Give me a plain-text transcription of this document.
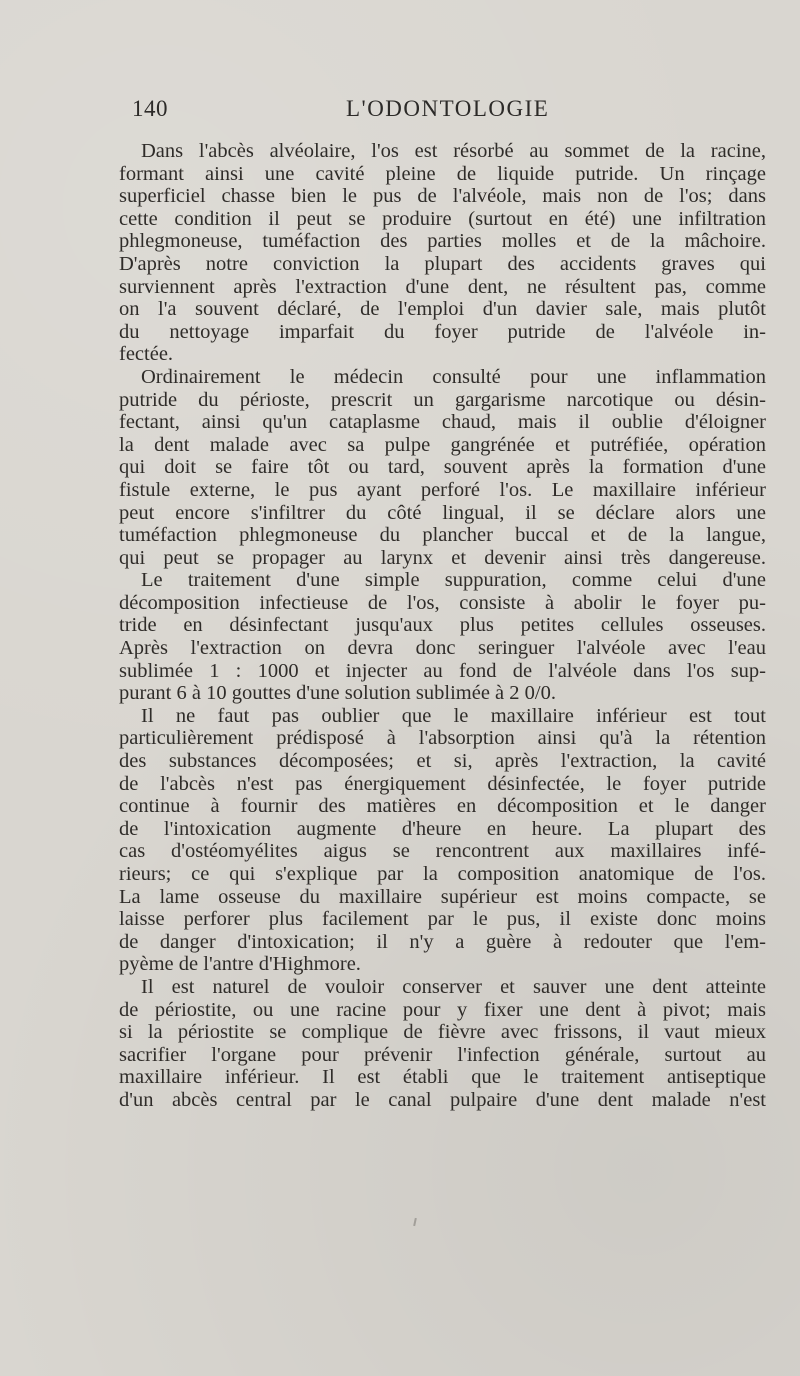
140	L'ODONTOLOGIE
Dans l'abcès alvéolaire, l'os est résorbé au sommet de la racine,
formant ainsi une cavité pleine de liquide putride. Un rinçage
superficiel chasse bien le pus de l'alvéole, mais non de l'os; dans
cette condition il peut se produire (surtout en été) une infiltration
phlegmoneuse, tuméfaction des parties molles et de la mâchoire.
D'après notre conviction la plupart des accidents graves qui
surviennent après l'extraction d'une dent, ne résultent pas, comme
on l'a souvent déclaré, de l'emploi d'un davier sale, mais plutôt
du nettoyage imparfait du foyer putride de l'alvéole in-
fectée.
Ordinairement le médecin consulté pour une inflammation
putride du périoste, prescrit un gargarisme narcotique ou désin-
fectant, ainsi qu'un cataplasme chaud, mais il oublie d'éloigner
la dent malade avec sa pulpe gangrénée et putréfiée, opération
qui doit se faire tôt ou tard, souvent après la formation d'une
fistule externe, le pus ayant perforé l'os. Le maxillaire inférieur
peut encore s'infiltrer du côté lingual, il se déclare alors une
tuméfaction phlegmoneuse du plancher buccal et de la langue,
qui peut se propager au larynx et devenir ainsi très dangereuse.
Le traitement d'une simple suppuration, comme celui d'une
décomposition infectieuse de l'os, consiste à abolir le foyer pu-
tride en désinfectant jusqu'aux plus petites cellules osseuses.
Après l'extraction on devra donc seringuer l'alvéole avec l'eau
sublimée 1 : 1000 et injecter au fond de l'alvéole dans l'os sup-
purant 6 à 10 gouttes d'une solution sublimée à 2 0/0.
Il ne faut pas oublier que le maxillaire inférieur est tout
particulièrement prédisposé à l'absorption ainsi qu'à la rétention
des substances décomposées; et si, après l'extraction, la cavité
de l'abcès n'est pas énergiquement désinfectée, le foyer putride
continue à fournir des matières en décomposition et le danger
de l'intoxication augmente d'heure en heure. La plupart des
cas d'ostéomyélites aigus se rencontrent aux maxillaires infé-
rieurs; ce qui s'explique par la composition anatomique de l'os.
La lame osseuse du maxillaire supérieur est moins compacte, se
laisse perforer plus facilement par le pus, il existe donc moins
de danger d'intoxication; il n'y a guère à redouter que l'em-
pyème de l'antre d'Highmore.
Il est naturel de vouloir conserver et sauver une dent atteinte
de périostite, ou une racine pour y fixer une dent à pivot; mais
si la périostite se complique de fièvre avec frissons, il vaut mieux
sacrifier l'organe pour prévenir l'infection générale, surtout au
maxillaire inférieur. Il est établi que le traitement antiseptique
d'un abcès central par le canal pulpaire d'une dent malade n'est
